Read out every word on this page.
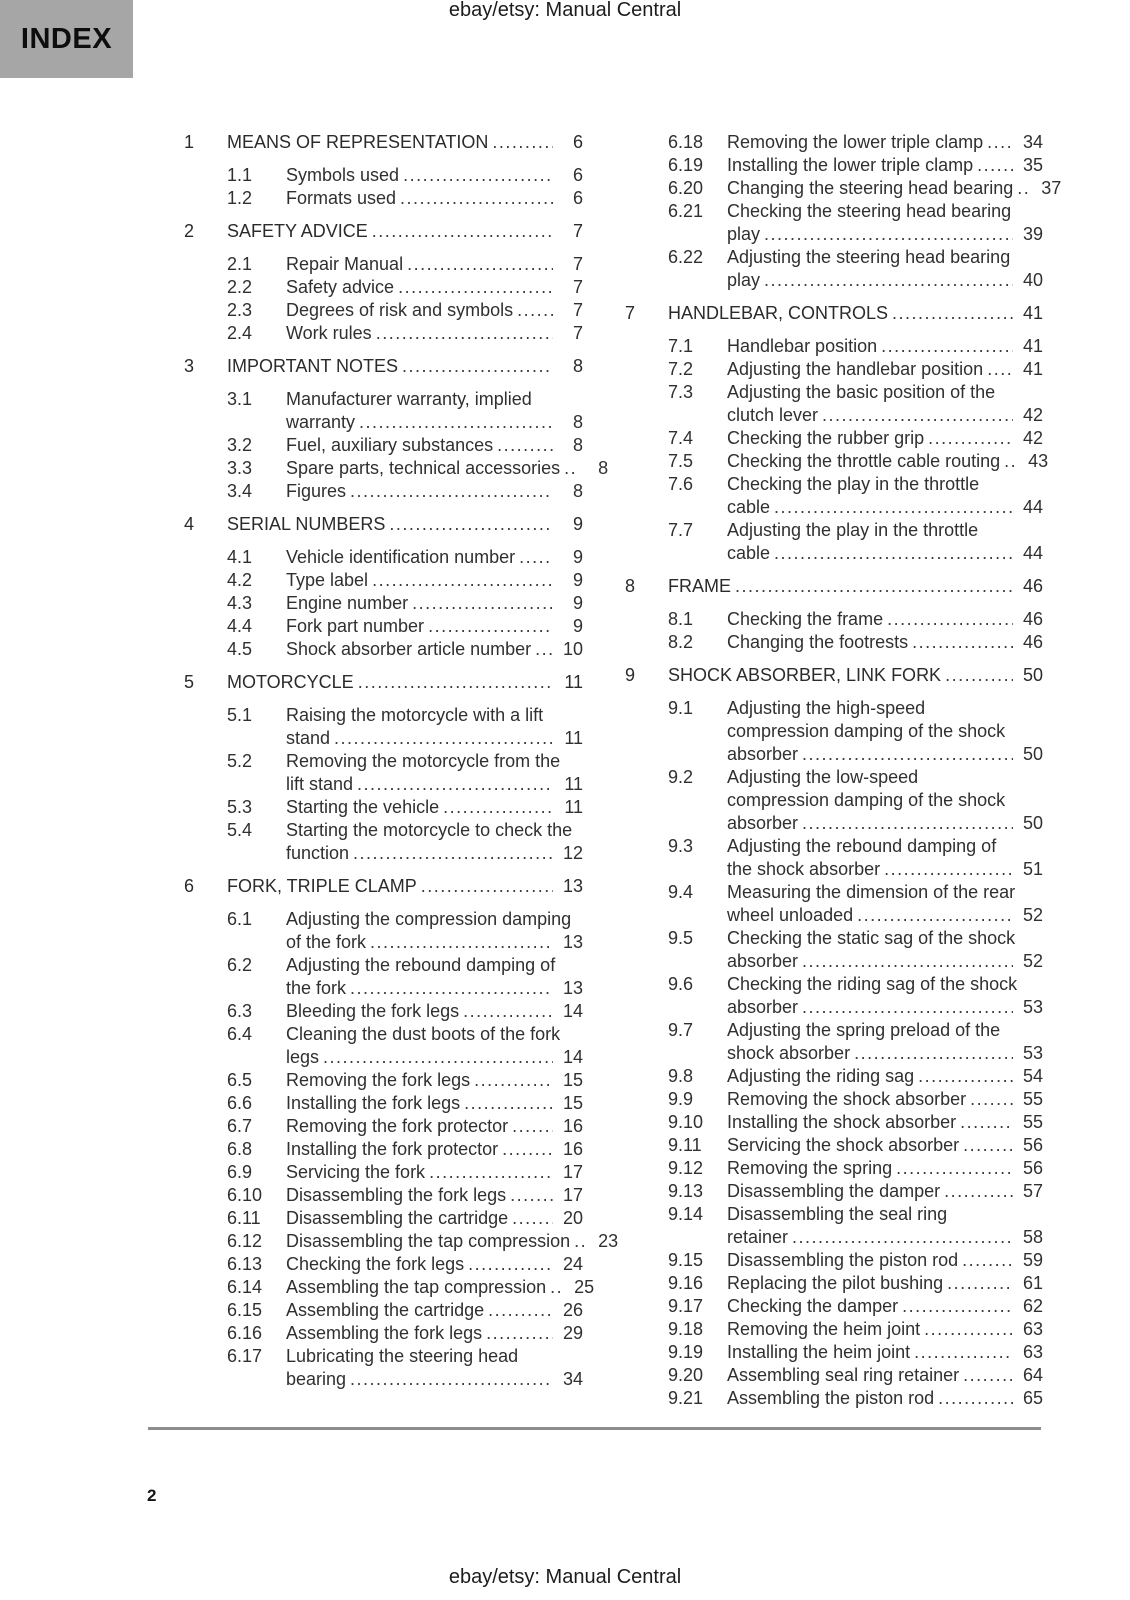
ebay/etsy: Manual Central
INDEX
1	MEANS OF REPRESENTATION .....	6
1.1	Symbols used .....	6
1.2	Formats used .....	6
2	SAFETY ADVICE .....	7
2.1	Repair Manual .....	7
2.2	Safety advice .....	7
2.3	Degrees of risk and symbols .....	7
2.4	Work rules .....	7
3	IMPORTANT NOTES .....	8
3.1	Manufacturer warranty, implied
warranty .....	8
3.2	Fuel, auxiliary substances .....	8
3.3	Spare parts, technical accessories .....	8
3.4	Figures .....	8
4	SERIAL NUMBERS .....	9
4.1	Vehicle identification number .....	9
4.2	Type label .....	9
4.3	Engine number .....	9
4.4	Fork part number .....	9
4.5	Shock absorber article number .....	10
5	MOTORCYCLE .....	11
5.1	Raising the motorcycle with a lift
stand .....	11
5.2	Removing the motorcycle from the
lift stand .....	11
5.3	Starting the vehicle .....	11
5.4	Starting the motorcycle to check the
function .....	12
6	FORK, TRIPLE CLAMP .....	13
6.1	Adjusting the compression damping
of the fork .....	13
6.2	Adjusting the rebound damping of
the fork .....	13
6.3	Bleeding the fork legs .....	14
6.4	Cleaning the dust boots of the fork
legs .....	14
6.5	Removing the fork legs .....	15
6.6	Installing the fork legs .....	15
6.7	Removing the fork protector .....	16
6.8	Installing the fork protector .....	16
6.9	Servicing the fork .....	17
6.10	Disassembling the fork legs .....	17
6.11	Disassembling the cartridge .....	20
6.12	Disassembling the tap compression .....	23
6.13	Checking the fork legs .....	24
6.14	Assembling the tap compression .....	25
6.15	Assembling the cartridge .....	26
6.16	Assembling the fork legs .....	29
6.17	Lubricating the steering head
bearing .....	34
6.18	Removing the lower triple clamp .....	34
6.19	Installing the lower triple clamp .....	35
6.20	Changing the steering head bearing .....	37
6.21	Checking the steering head bearing
play .....	39
6.22	Adjusting the steering head bearing
play .....	40
7	HANDLEBAR, CONTROLS .....	41
7.1	Handlebar position .....	41
7.2	Adjusting the handlebar position .....	41
7.3	Adjusting the basic position of the
clutch lever .....	42
7.4	Checking the rubber grip .....	42
7.5	Checking the throttle cable routing .....	43
7.6	Checking the play in the throttle
cable .....	44
7.7	Adjusting the play in the throttle
cable .....	44
8	FRAME .....	46
8.1	Checking the frame .....	46
8.2	Changing the footrests .....	46
9	SHOCK ABSORBER, LINK FORK .....	50
9.1	Adjusting the high-speed
compression damping of the shock
absorber .....	50
9.2	Adjusting the low-speed
compression damping of the shock
absorber .....	50
9.3	Adjusting the rebound damping of
the shock absorber .....	51
9.4	Measuring the dimension of the rear
wheel unloaded .....	52
9.5	Checking the static sag of the shock
absorber .....	52
9.6	Checking the riding sag of the shock
absorber .....	53
9.7	Adjusting the spring preload of the
shock absorber .....	53
9.8	Adjusting the riding sag .....	54
9.9	Removing the shock absorber .....	55
9.10	Installing the shock absorber .....	55
9.11	Servicing the shock absorber .....	56
9.12	Removing the spring .....	56
9.13	Disassembling the damper .....	57
9.14	Disassembling the seal ring
retainer .....	58
9.15	Disassembling the piston rod .....	59
9.16	Replacing the pilot bushing .....	61
9.17	Checking the damper .....	62
9.18	Removing the heim joint .....	63
9.19	Installing the heim joint .....	63
9.20	Assembling seal ring retainer .....	64
9.21	Assembling the piston rod .....	65
2
ebay/etsy: Manual Central
